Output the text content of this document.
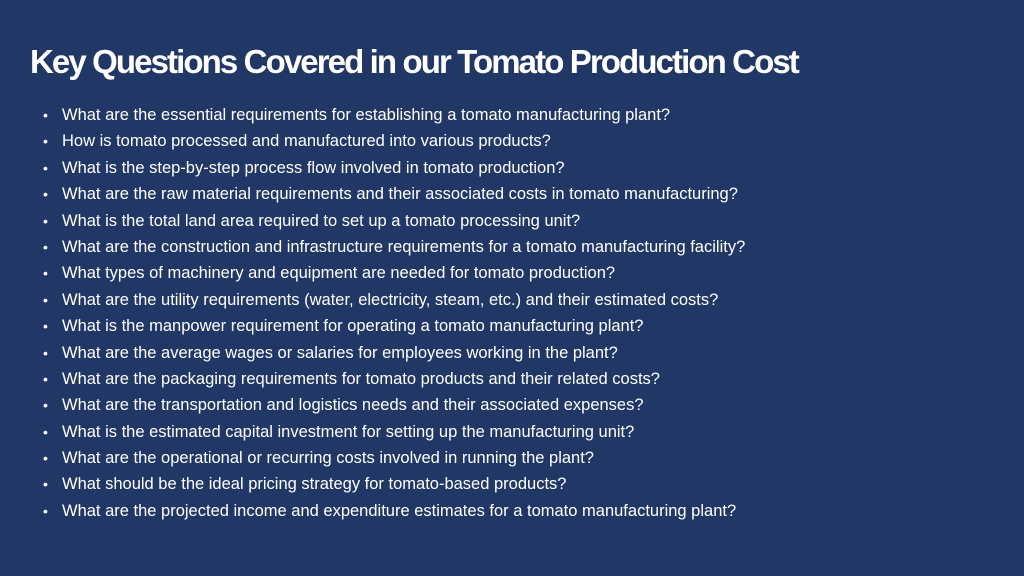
Key Questions Covered in our Tomato Production Cost
• What are the essential requirements for establishing a tomato manufacturing plant?
• How is tomato processed and manufactured into various products?
• What is the step-by-step process flow involved in tomato production?
• What are the raw material requirements and their associated costs in tomato manufacturing?
• What is the total land area required to set up a tomato processing unit?
• What are the construction and infrastructure requirements for a tomato manufacturing facility?
• What types of machinery and equipment are needed for tomato production?
• What are the utility requirements (water, electricity, steam, etc.) and their estimated costs?
• What is the manpower requirement for operating a tomato manufacturing plant?
• What are the average wages or salaries for employees working in the plant?
• What are the packaging requirements for tomato products and their related costs?
• What are the transportation and logistics needs and their associated expenses?
• What is the estimated capital investment for setting up the manufacturing unit?
• What are the operational or recurring costs involved in running the plant?
• What should be the ideal pricing strategy for tomato-based products?
• What are the projected income and expenditure estimates for a tomato manufacturing plant?
